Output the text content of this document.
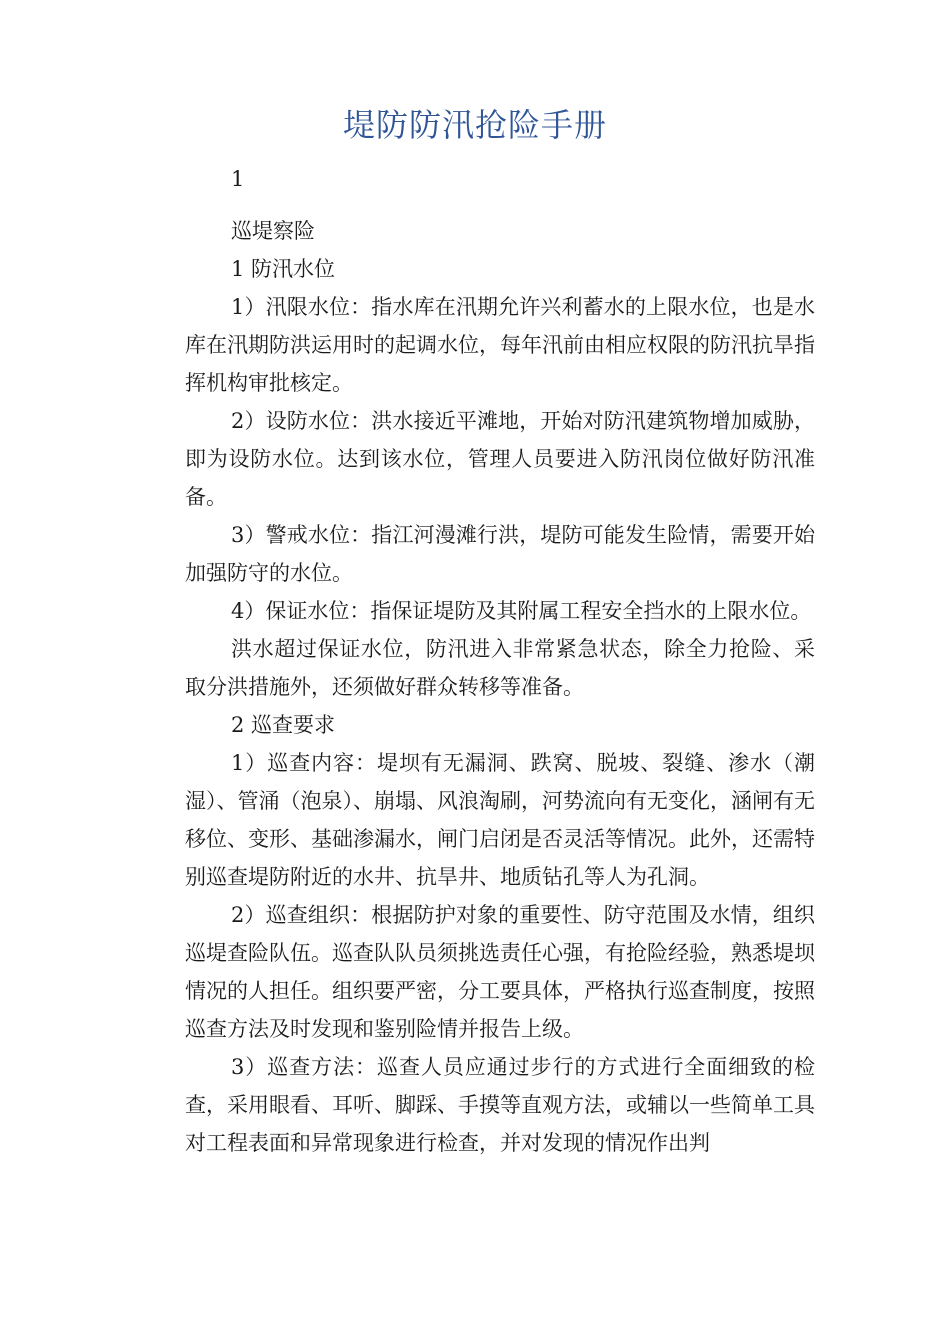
堤防防汛抢险手册

1

巡堤察险

1 防汛水位

1）汛限水位：指水库在汛期允许兴利蓄水的上限水位，也是水库在汛期防洪运用时的起调水位，每年汛前由相应权限的防汛抗旱指挥机构审批核定。

2）设防水位：洪水接近平滩地，开始对防汛建筑物增加威胁，即为设防水位。达到该水位，管理人员要进入防汛岗位做好防汛准备。

3）警戒水位：指江河漫滩行洪，堤防可能发生险情，需要开始加强防守的水位。

4）保证水位：指保证堤防及其附属工程安全挡水的上限水位。

洪水超过保证水位，防汛进入非常紧急状态，除全力抢险、采取分洪措施外，还须做好群众转移等准备。

2 巡查要求

1）巡查内容：堤坝有无漏洞、跌窝、脱坡、裂缝、渗水（潮湿）、管涌（泡泉）、崩塌、风浪淘刷，河势流向有无变化，涵闸有无移位、变形、基础渗漏水，闸门启闭是否灵活等情况。此外，还需特别巡查堤防附近的水井、抗旱井、地质钻孔等人为孔洞。

2）巡查组织：根据防护对象的重要性、防守范围及水情，组织巡堤查险队伍。巡查队队员须挑选责任心强，有抢险经验，熟悉堤坝情况的人担任。组织要严密，分工要具体，严格执行巡查制度，按照巡查方法及时发现和鉴别险情并报告上级。

3）巡查方法：巡查人员应通过步行的方式进行全面细致的检查，采用眼看、耳听、脚踩、手摸等直观方法，或辅以一些简单工具对工程表面和异常现象进行检查，并对发现的情况作出判
